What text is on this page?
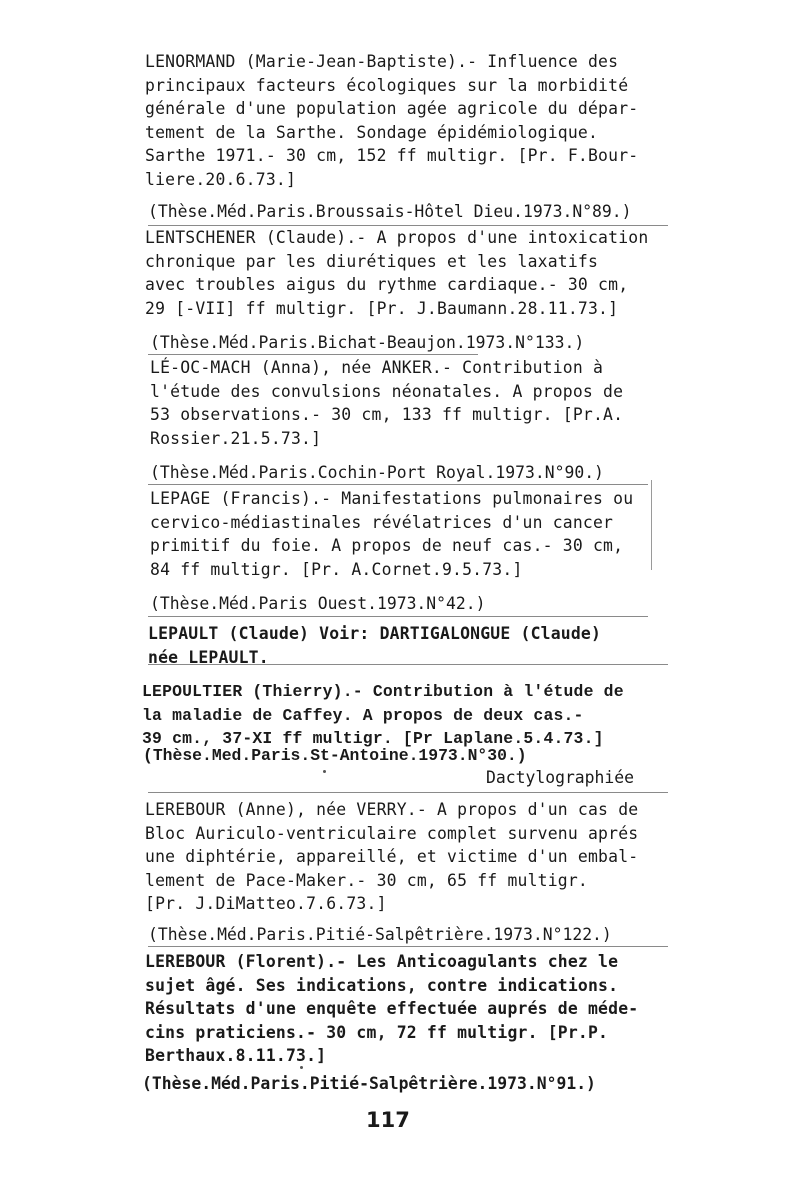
LENORMAND (Marie-Jean-Baptiste).- Influence des
principaux facteurs écologiques sur la morbidité
générale d'une population agée agricole du dépar-
tement de la Sarthe. Sondage épidémiologique.
Sarthe 1971.- 30 cm, 152 ff multigr. [Pr. F.Bour-
liere.20.6.73.]
(Thèse.Méd.Paris.Broussais-Hôtel Dieu.1973.N°89.)
LENTSCHENER (Claude).- A propos d'une intoxication
chronique par les diurétiques et les laxatifs
avec troubles aigus du rythme cardiaque.- 30 cm,
29 [-VII] ff multigr. [Pr. J.Baumann.28.11.73.]
(Thèse.Méd.Paris.Bichat-Beaujon.1973.N°133.)
LÉ-OC-MACH (Anna), née ANKER.- Contribution à
l'étude des convulsions néonatales. A propos de
53 observations.- 30 cm, 133 ff multigr. [Pr.A.
Rossier.21.5.73.]
(Thèse.Méd.Paris.Cochin-Port Royal.1973.N°90.)
LEPAGE (Francis).- Manifestations pulmonaires ou
cervico-médiastinales révélatrices d'un cancer
primitif du foie. A propos de neuf cas.- 30 cm,
84 ff multigr. [Pr. A.Cornet.9.5.73.]
(Thèse.Méd.Paris Ouest.1973.N°42.)
LEPAULT (Claude) Voir: DARTIGALONGUE (Claude)
née LEPAULT.
LEPOULTIER (Thierry).- Contribution à l'étude de
la maladie de Caffey. A propos de deux cas.-
39 cm., 37-XI ff multigr. [Pr Laplane.5.4.73.]
(Thèse.Med.Paris.St-Antoine.1973.N°30.)
Dactylographiée
LEREBOUR (Anne), née VERRY.- A propos d'un cas de
Bloc Auriculo-ventriculaire complet survenu aprés
une diphtérie, appareillé, et victime d'un embal-
lement de Pace-Maker.- 30 cm, 65 ff multigr.
[Pr. J.DiMatteo.7.6.73.]
(Thèse.Méd.Paris.Pitié-Salpêtrière.1973.N°122.)
LEREBOUR (Florent).- Les Anticoagulants chez le
sujet âgé. Ses indications, contre indications.
Résultats d'une enquête effectuée auprés de médе-
cins praticiens.- 30 cm, 72 ff multigr. [Pr.P.
Berthaux.8.11.73.]
(Thèse.Méd.Paris.Pitié-Salpêtrière.1973.N°91.)
117
